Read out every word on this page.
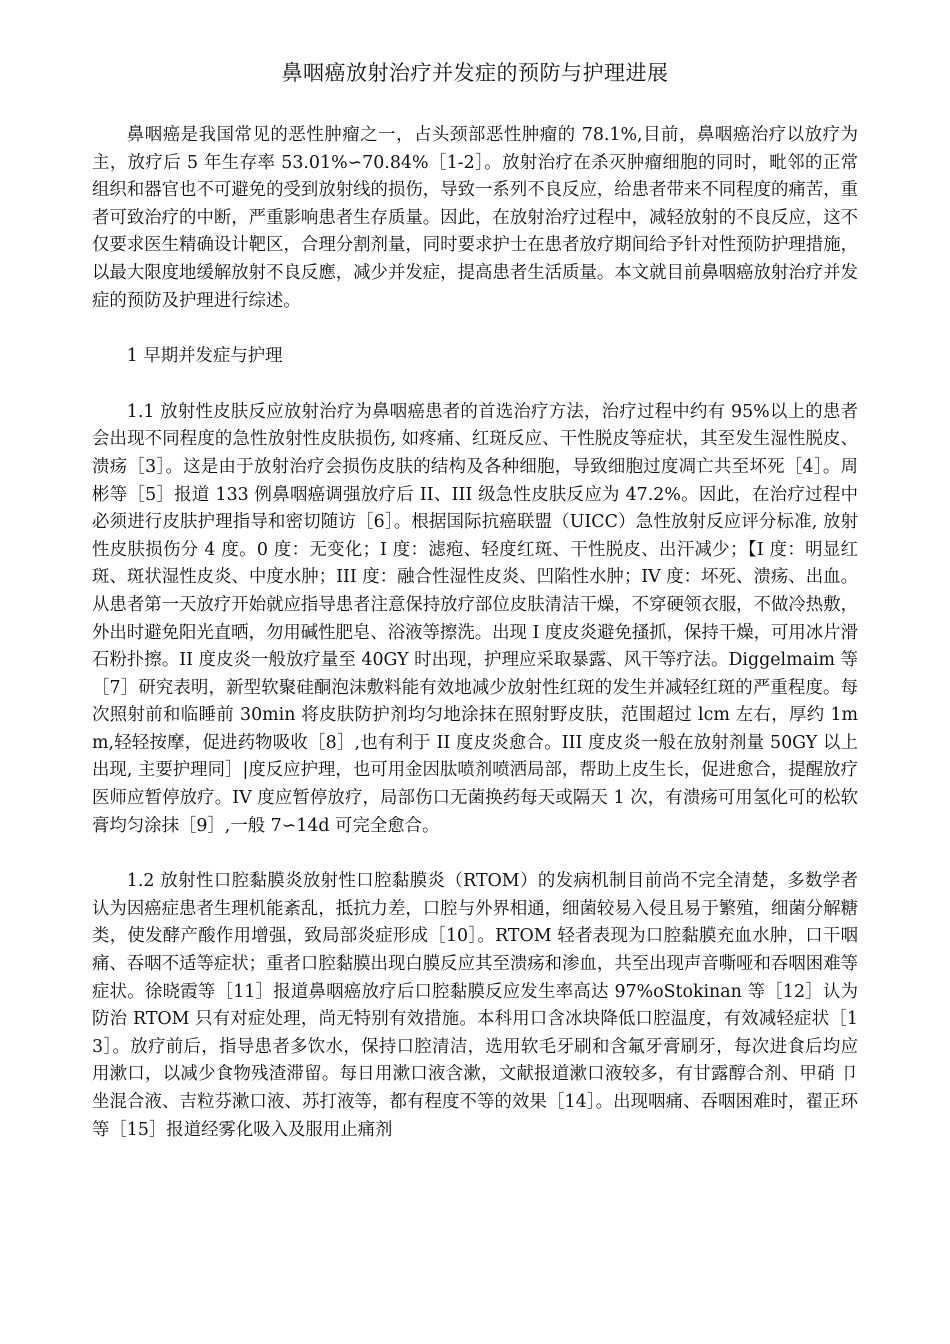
鼻咽癌放射治疗并发症的预防与护理进展

鼻咽癌是我国常见的恶性肿瘤之一，占头颈部恶性肿瘤的 78.1%,目前，鼻咽癌治疗以放疗为主，放疗后 5 年生存率 53.01%∽70.84%［1-2］。放射治疗在杀灭肿瘤细胞的同时，毗邻的正常组织和器官也不可避免的受到放射线的损伤，导致一系列不良反应，给患者带来不同程度的痛苦，重者可致治疗的中断，严重影响患者生存质量。因此，在放射治疗过程中，减轻放射的不良反应，这不仅要求医生精确设计靶区，合理分割剂量，同时要求护士在患者放疗期间给予针对性预防护理措施，以最大限度地缓解放射不良反應，减少并发症，提高患者生活质量。本文就目前鼻咽癌放射治疗并发症的预防及护理进行综述。

1 早期并发症与护理

1.1 放射性皮肤反应放射治疗为鼻咽癌患者的首选治疗方法，治疗过程中约有 95%以上的患者会出现不同程度的急性放射性皮肤损伤, 如疼痛、红斑反应、干性脱皮等症状，其至发生湿性脱皮、溃疡［3］。这是由于放射治疗会损伤皮肤的结构及各种细胞，导致细胞过度凋亡共至坏死［4］。周彬等［5］报道 133 例鼻咽癌调强放疗后 II、III 级急性皮肤反应为 47.2%。因此，在治疗过程中必须进行皮肤护理指导和密切随访［6］。根据国际抗癌联盟（UICC）急性放射反应评分标准, 放射性皮肤损伤分 4 度。0 度：无变化；I 度：滤疱、轻度红斑、干性脱皮、出汗减少；【I 度：明显红斑、斑状湿性皮炎、中度水肿；III 度：融合性湿性皮炎、凹陷性水肿；IV 度：坏死、溃疡、出血。从患者第一天放疗开始就应指导患者注意保持放疗部位皮肤清洁干燥，不穿硬领衣服，不做冷热敷，外出时避免阳光直晒，勿用碱性肥皂、浴液等擦洗。出现 I 度皮炎避免搔抓，保持干燥，可用冰片滑石粉扑擦。II 度皮炎一般放疗量至 40GY 时出现，护理应采取暴露、风干等疗法。Diggelmaim 等［7］研究表明，新型软聚硅酮泡沫敷料能有效地减少放射性红斑的发生并减轻红斑的严重程度。每次照射前和临睡前 30min 将皮肤防护剂均匀地涂抹在照射野皮肤，范围超过 lcm 左右，厚约 1mm,轻轻按摩，促进药物吸收［8］,也有利于 II 度皮炎愈合。III 度皮炎一般在放射剂量 50GY 以上出现, 主要护理同］|度反应护理，也可用金因肽喷剂喷洒局部，帮助上皮生长，促进愈合，提醒放疗医师应暂停放疗。IV 度应暂停放疗，局部伤口无菌换药每天或隔天 1 次，有溃疡可用氢化可的松软膏均匀涂抹［9］,一般 7∽14d 可完全愈合。

1.2 放射性口腔黏膜炎放射性口腔黏膜炎（RTOM）的发病机制目前尚不完全清楚，多数学者认为因癌症患者生理机能紊乱，抵抗力差，口腔与外界相通，细菌较易入侵且易于繁殖，细菌分解糖类，使发酵产酸作用增强，致局部炎症形成［10］。RTOM 轻者表现为口腔黏膜充血水肿，口干咽痛、吞咽不适等症状；重者口腔黏膜出现白膜反应其至溃疡和渗血，共至出现声音嘶哑和吞咽困难等症状。徐晓霞等［11］报道鼻咽癌放疗后口腔黏膜反应发生率高达 97%oStokinan 等［12］认为防治 RTOM 只有对症处理，尚无特别有效措施。本科用口含冰块降低口腔温度，有效减轻症状［13］。放疗前后，指导患者多饮水，保持口腔清洁，选用软毛牙刷和含氟牙膏刷牙，每次进食后均应用漱口，以减少食物残渣滞留。每日用漱口液含漱，文献报道漱口液较多，有甘露醇合剂、甲硝 卩坐混合液、吉粒芬漱口液、苏打液等，都有程度不等的效果［14］。出现咽痛、吞咽困难时，翟正环等［15］报道经雾化吸入及服用止痛剂
